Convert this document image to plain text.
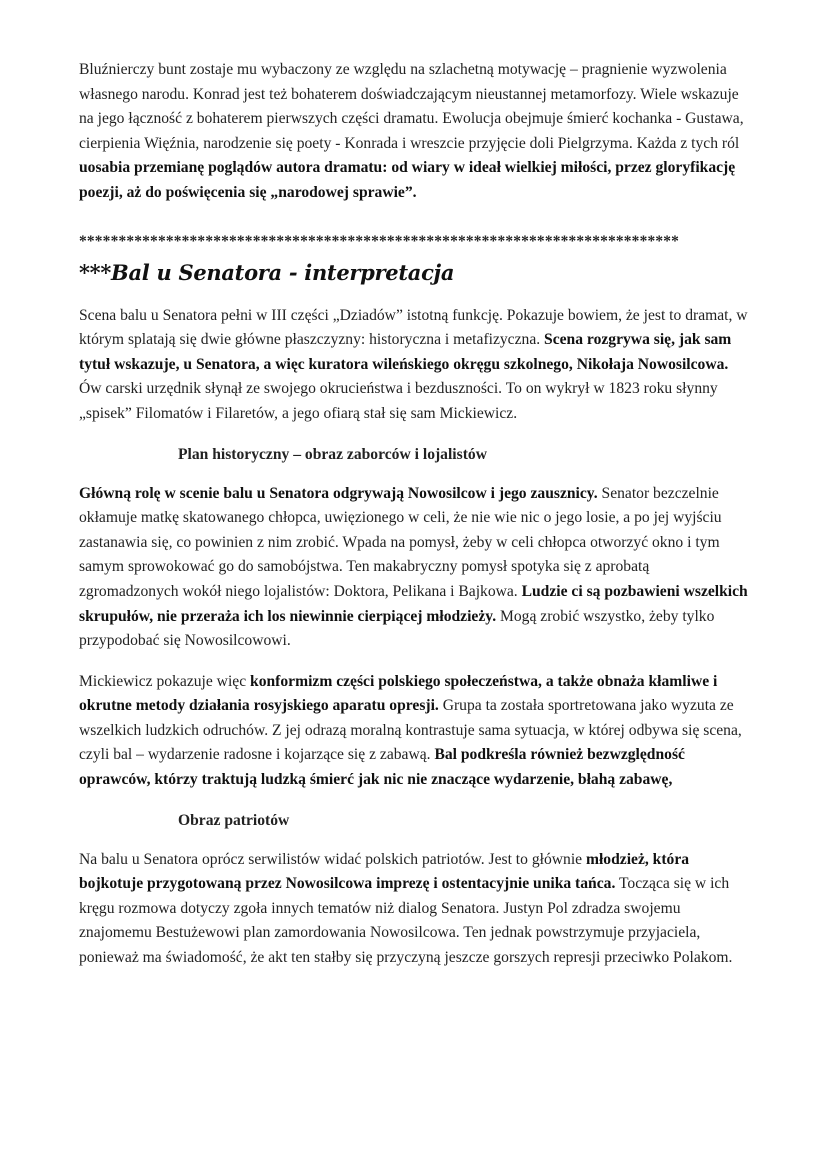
Bluźnierczy bunt zostaje mu wybaczony ze względu na szlachetną motywację – pragnienie wyzwolenia własnego narodu. Konrad jest też bohaterem doświadczającym nieustannej metamorfozy. Wiele wskazuje na jego łączność z bohaterem pierwszych części dramatu. Ewolucja obejmuje śmierć kochanka - Gustawa, cierpienia Więźnia, narodzenie się poety - Konrada i wreszcie przyjęcie doli Pielgrzyma. Każda z tych ról uosabia przemianę poglądów autora dramatu: od wiary w ideał wielkiej miłości, przez gloryfikację poezji, aż do poświęcenia się „narodowej sprawie”.

****************************************************************************
***Bal u Senatora - interpretacja

Scena balu u Senatora pełni w III części „Dziadów” istotną funkcję. Pokazuje bowiem, że jest to dramat, w którym splatają się dwie główne płaszczyzny: historyczna i metafizyczna. Scena rozgrywa się, jak sam tytuł wskazuje, u Senatora, a więc kuratora wileńskiego okręgu szkolnego, Nikołaja Nowosilcowa. Ów carski urzędnik słynął ze swojego okrucieństwa i bezduszności. To on wykrył w 1823 roku słynny „spisek” Filomatów i Filaretów, a jego ofiarą stał się sam Mickiewicz.

Plan historyczny – obraz zaborców i lojalistów

Główną rolę w scenie balu u Senatora odgrywają Nowosilcow i jego zausznicy. Senator bezczelnie okłamuje matkę skatowanego chłopca, uwięzionego w celi, że nie wie nic o jego losie, a po jej wyjściu zastanawia się, co powinien z nim zrobić. Wpada na pomysł, żeby w celi chłopca otworzyć okno i tym samym sprowokować go do samobójstwa. Ten makabryczny pomysł spotyka się z aprobatą zgromadzonych wokół niego lojalistów: Doktora, Pelikana i Bajkowa. Ludzie ci są pozbawieni wszelkich skrupułów, nie przeraża ich los niewinnie cierpiącej młodzieży. Mogą zrobić wszystko, żeby tylko przypodobać się Nowosilcowowi.

Mickiewicz pokazuje więc konformizm części polskiego społeczeństwa, a także obnaża kłamliwe i okrutne metody działania rosyjskiego aparatu opresji. Grupa ta została sportretowana jako wyzuta ze wszelkich ludzkich odruchów. Z jej odrazą moralną kontrastuje sama sytuacja, w której odbywa się scena, czyli bal – wydarzenie radosne i kojarzące się z zabawą. Bal podkreśla również bezwzględność oprawców, którzy traktują ludzką śmierć jak nic nie znaczące wydarzenie, błahą zabawę,

Obraz patriotów

Na balu u Senatora oprócz serwilistów widać polskich patriotów. Jest to głównie młodzież, która bojkotuje przygotowaną przez Nowosilcowa imprezę i ostentacyjnie unika tańca. Tocząca się w ich kręgu rozmowa dotyczy zgoła innych tematów niż dialog Senatora. Justyn Pol zdradza swojemu znajomemu Bestużewowi plan zamordowania Nowosilcowa. Ten jednak powstrzymuje przyjaciela, ponieważ ma świadomość, że akt ten stałby się przyczyną jeszcze gorszych represji przeciwko Polakom.
